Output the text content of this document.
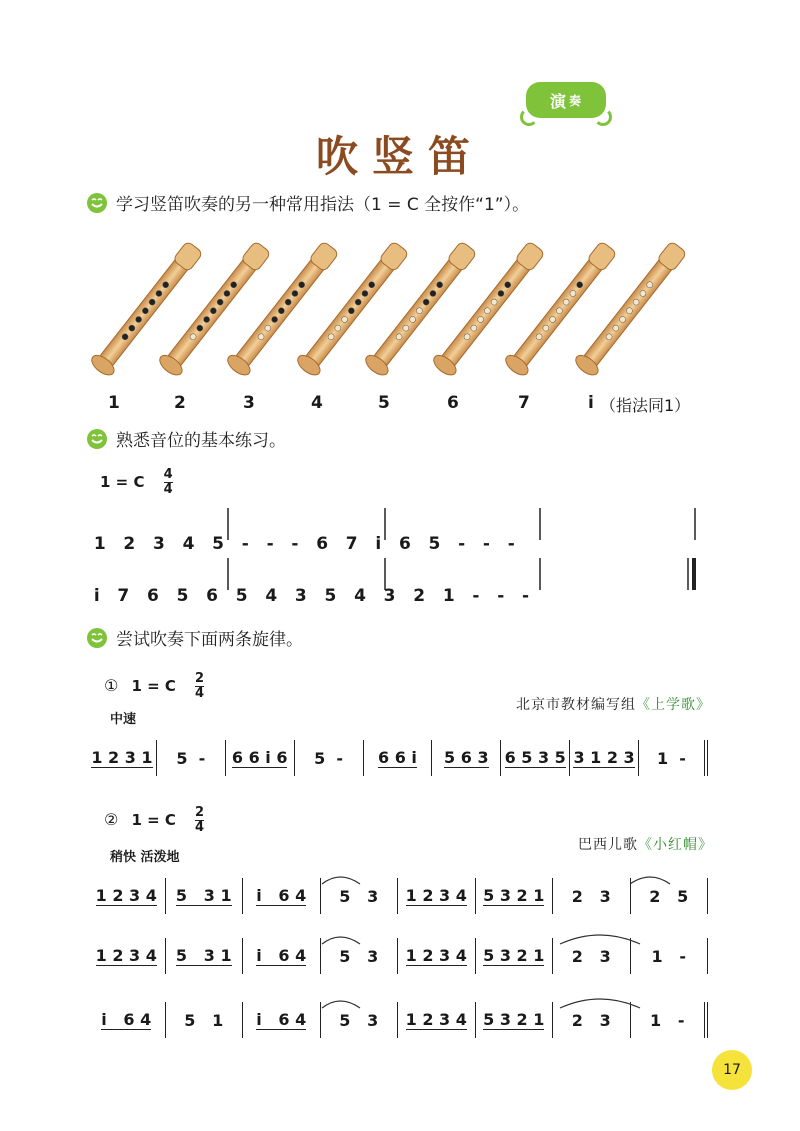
演 奏
吹竖笛
学习竖笛吹奏的另一种常用指法（1 = C 全按作“1”）。
1	2	3	4	5	6	7	i （指法同1）
熟悉音位的基本练习。
1 = C $\frac{4}{4}$

1   2   3   4   5   -   -   -   6   7   i   6   5   -   -   -

i   7   6   5   6   5   4   3   5   4   3   2   1   -   -   -

尝试吹奏下面两条旋律。
① 1 = C $\frac{2}{4}$
北京市教材编写组《上学歌》
中速
1 2 3 1 5  - 6 6 i 6 5  - 6 6 i 5 6 3 6 5 3 5 3 1 2 3 1  -
② 1 = C $\frac{2}{4}$
巴西儿歌《小红帽》
稍快 活泼地
1 2 3 4 5   3 1 i   6 4 5   3 1 2 3 4 5 3 2 1 2   3 2   5
1 2 3 4 5   3 1 i   6 4 5   3 1 2 3 4 5 3 2 1 2   3	1   -
i   6 4 5   1 i   6 4 5   3 1 2 3 4 5 3 2 1 2   3 1   -
17
